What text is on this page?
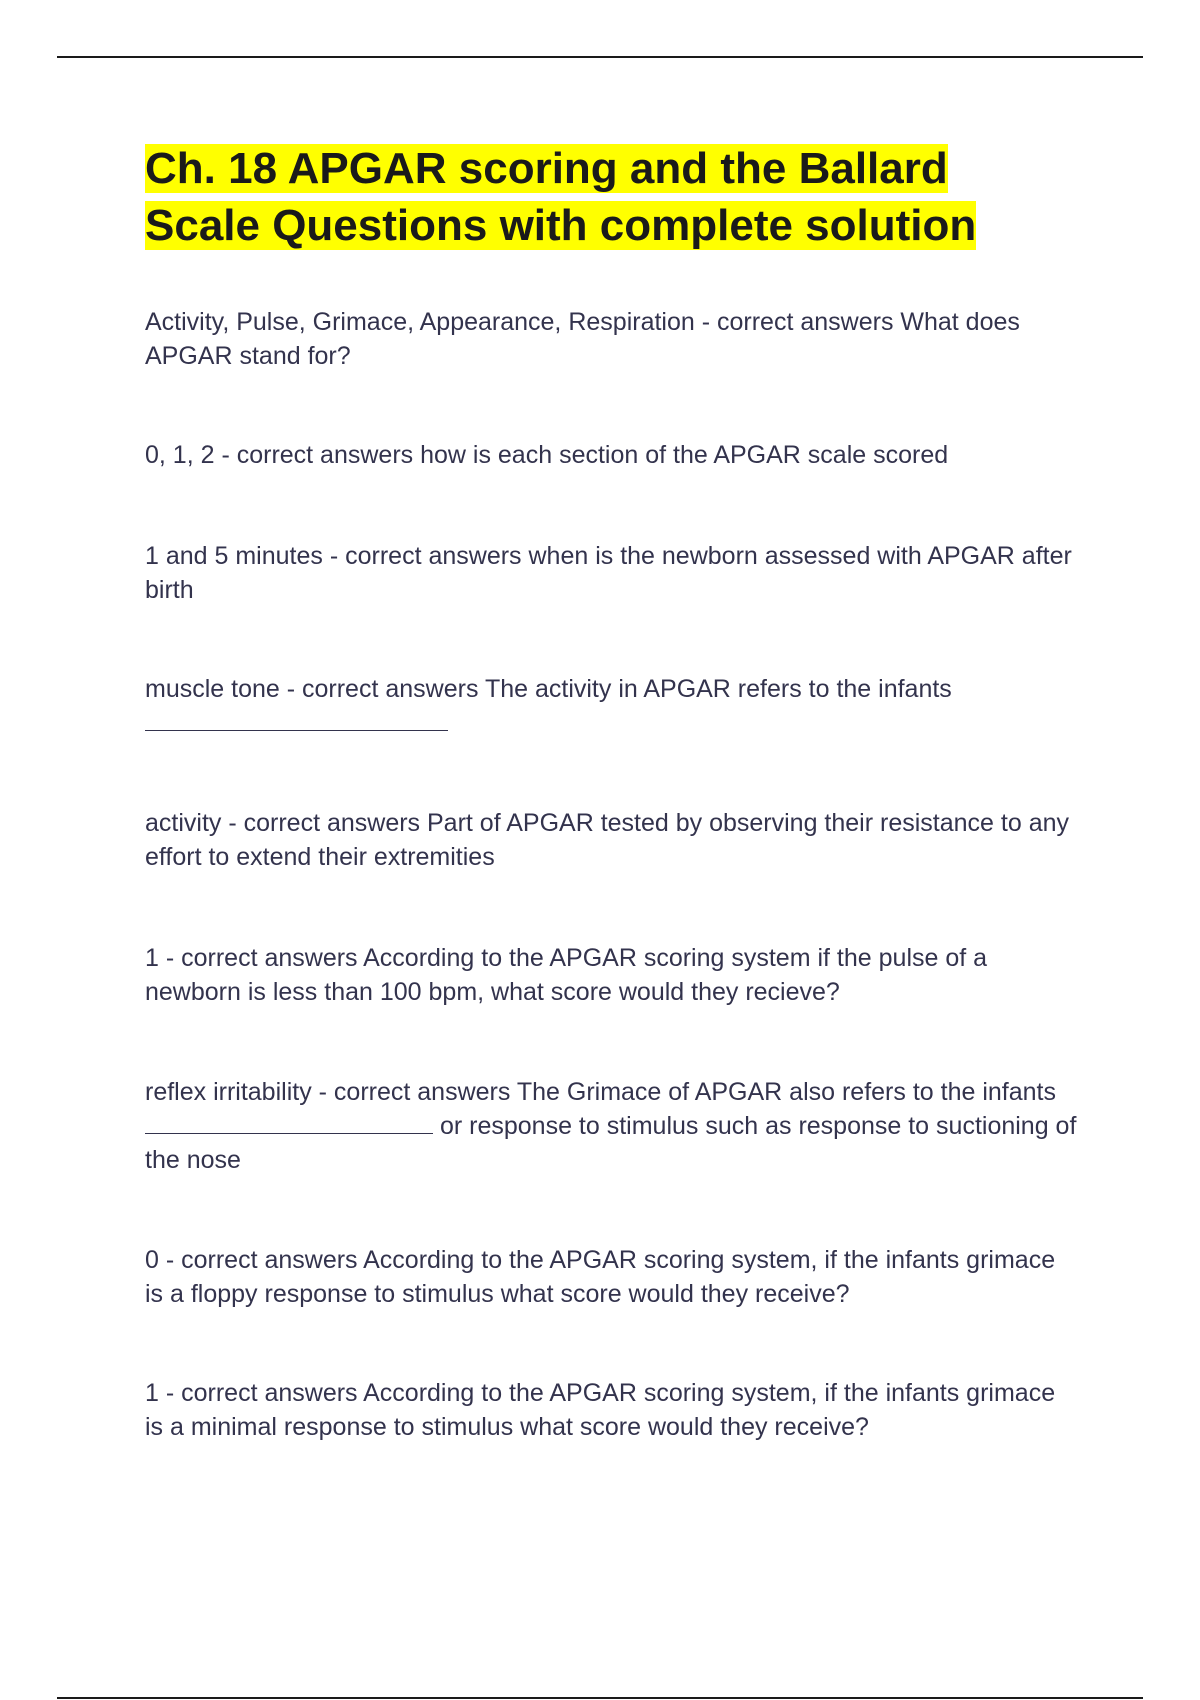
Ch. 18 APGAR scoring and the Ballard
Scale Questions with complete solution

Activity, Pulse, Grimace, Appearance, Respiration - correct answers What does APGAR stand for?

0, 1, 2 - correct answers how is each section of the APGAR scale scored

1 and 5 minutes - correct answers when is the newborn assessed with APGAR after birth

muscle tone - correct answers The activity in APGAR refers to the infants

activity - correct answers Part of APGAR tested by observing their resistance to any effort to extend their extremities

1 - correct answers According to the APGAR scoring system if the pulse of a newborn is less than 100 bpm, what score would they recieve?

reflex irritability - correct answers The Grimace of APGAR also refers to the infants  or response to stimulus such as response to suctioning of the nose

0 - correct answers According to the APGAR scoring system, if the infants grimace is a floppy response to stimulus what score would they receive?

1 - correct answers According to the APGAR scoring system, if the infants grimace is a minimal response to stimulus what score would they receive?
